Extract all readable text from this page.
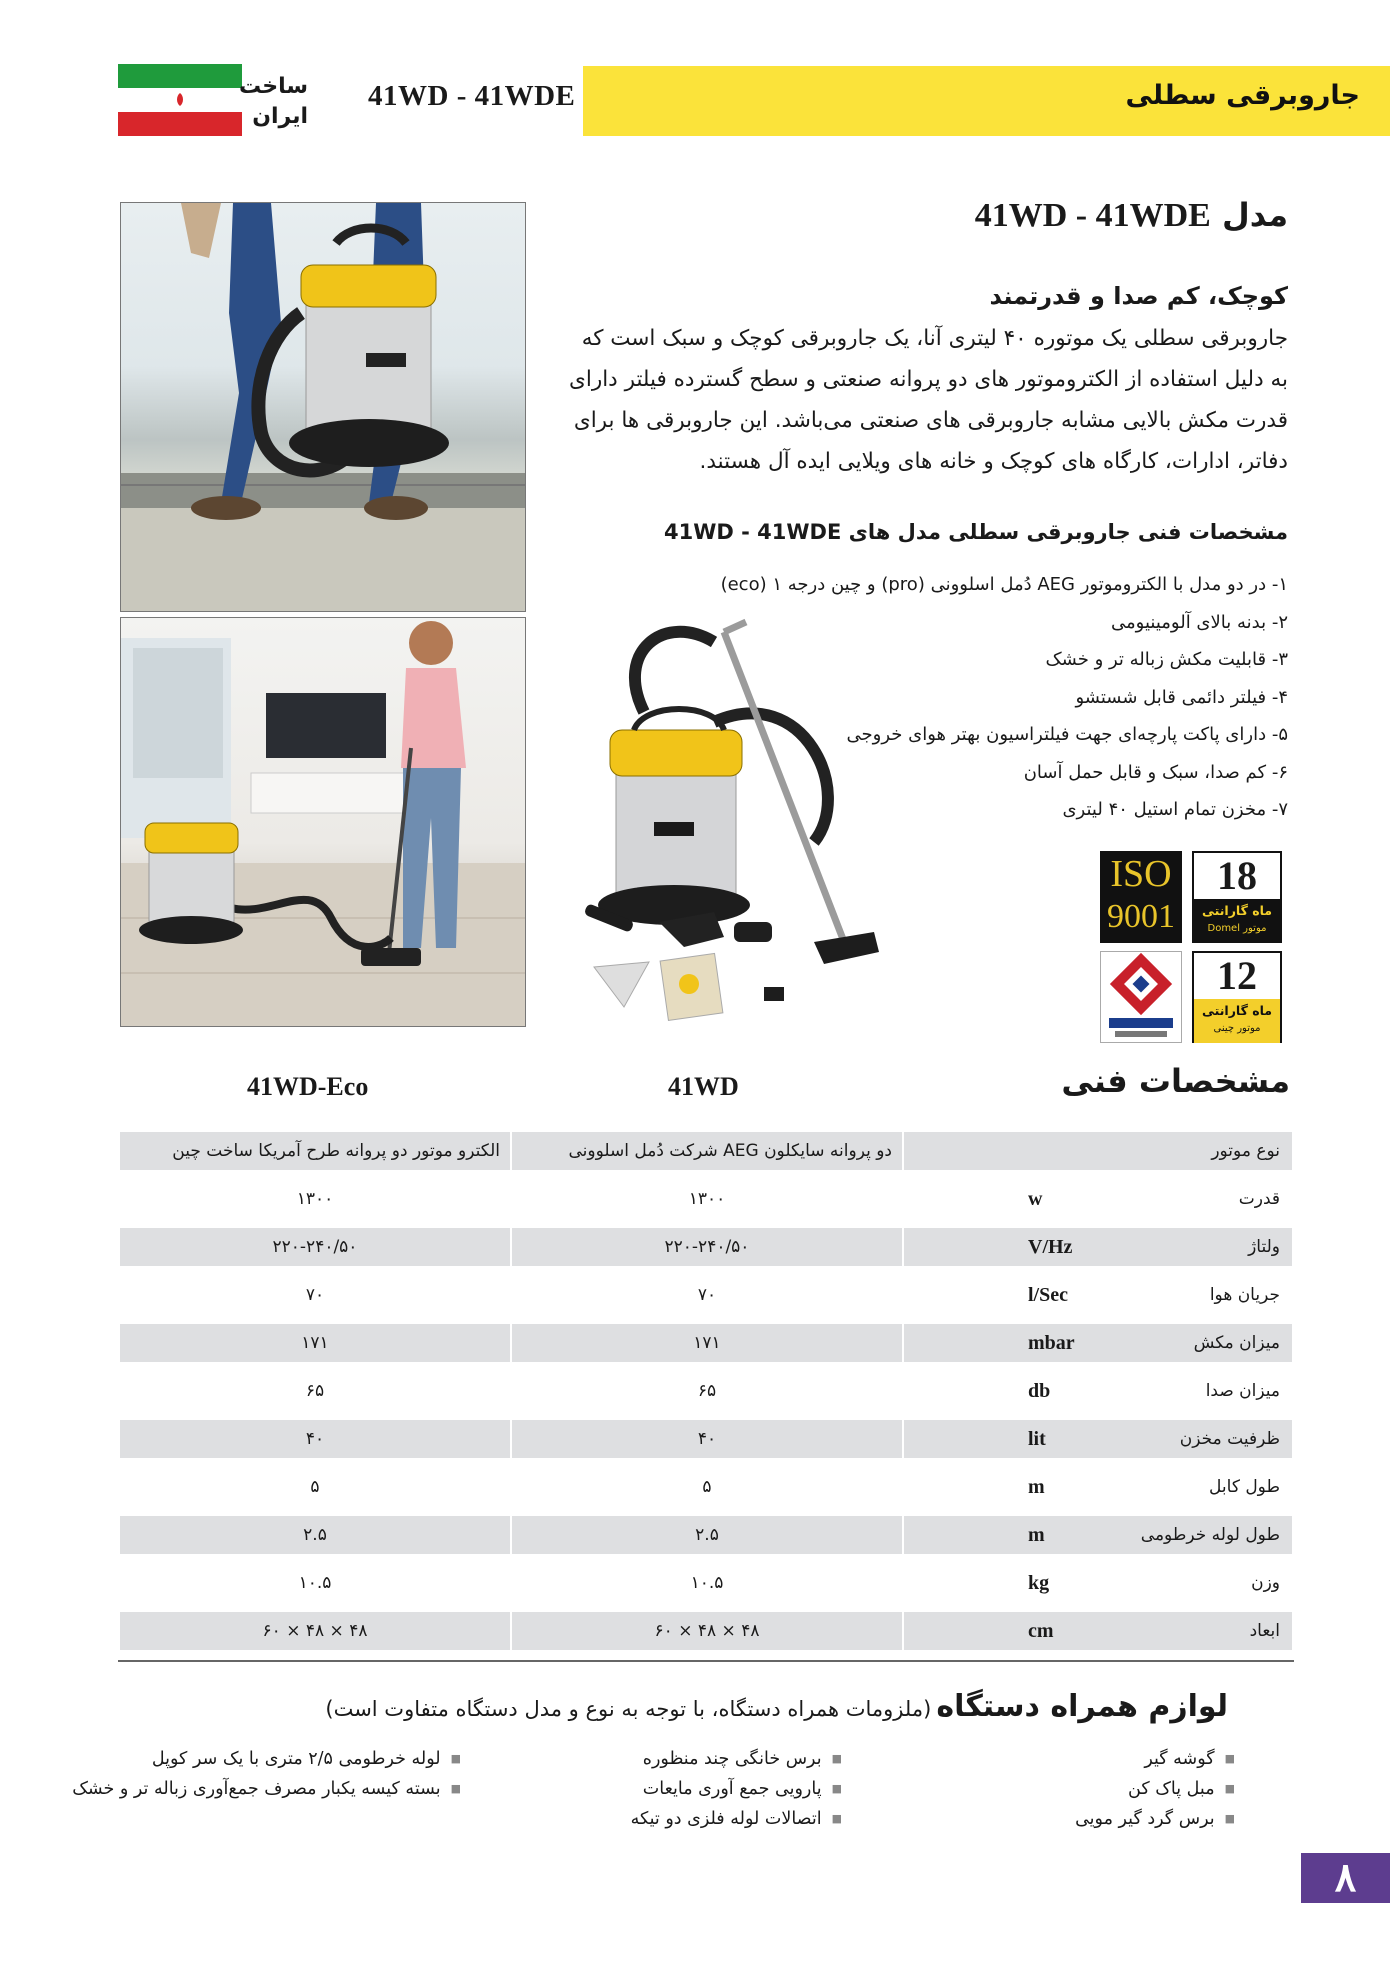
جاروبرقی سطلی
41WD - 41WDE
ساخت
ایران
مدل 41WD - 41WDE
کوچک، کم صدا و قدرتمند
جاروبرقی سطلی یک موتوره ۴۰ لیتری آنا، یک جاروبرقی کوچک و سبک است که به دلیل استفاده از الکتروموتور های دو پروانه صنعتی و سطح گسترده فیلتر دارای قدرت مکش بالایی مشابه جاروبرقی های صنعتی می‌باشد. این جاروبرقی ها برای دفاتر، ادارات، کارگاه های کوچک و خانه های ویلایی ایده آل هستند.
مشخصات فنی جاروبرقی سطلی مدل های 41WD - 41WDE
۱- در دو مدل با الکتروموتور AEG دُمل اسلوونی (pro) و چین درجه ۱ (eco)
۲- بدنه بالای آلومینیومی
۳- قابلیت مکش زباله تر و خشک
۴- فیلتر دائمی قابل شستشو
۵- دارای پاکت پارچه‌ای جهت فیلتراسیون بهتر هوای خروجی
۶- کم صدا، سبک و قابل حمل آسان
۷- مخزن تمام استیل ۴۰ لیتری
ISO
9001
18
ماه گارانتی
موتور Domel
12
ماه گارانتی
موتور چینی
مشخصات فنی
41WD
41WD-Eco
الکترو موتور دو پروانه طرح آمریکا ساخت چین	دو پروانه سایکلون AEG شرکت دُمل اسلوونی	نوع موتور
۱۳۰۰	۱۳۰۰	w	قدرت
۲۲۰-۲۴۰/۵۰	۲۲۰-۲۴۰/۵۰	V/Hz	ولتاژ
۷۰	۷۰	l/Sec	جریان هوا
۱۷۱	۱۷۱	mbar	میزان مکش
۶۵	۶۵	db	میزان صدا
۴۰	۴۰	lit	ظرفیت مخزن
۵	۵	m	طول کابل
۲.۵	۲.۵	m	طول لوله خرطومی
۱۰.۵	۱۰.۵	kg	وزن
۴۸ × ۴۸ × ۶۰	۴۸ × ۴۸ × ۶۰	cm	ابعاد
لوازم همراه دستگاه (ملزومات همراه دستگاه، با توجه به نوع و مدل دستگاه متفاوت است)
■ گوشه گیر
■ مبل پاک کن
■ برس گرد گیر مویی
■ برس خانگی چند منظوره
■ پارویی جمع آوری مایعات
■ اتصالات لوله فلزی دو تیکه
■ لوله خرطومی ۲/۵ متری با یک سر کوپل
■ بسته کیسه یکبار مصرف جمع‌آوری زباله تر و خشک
۸
